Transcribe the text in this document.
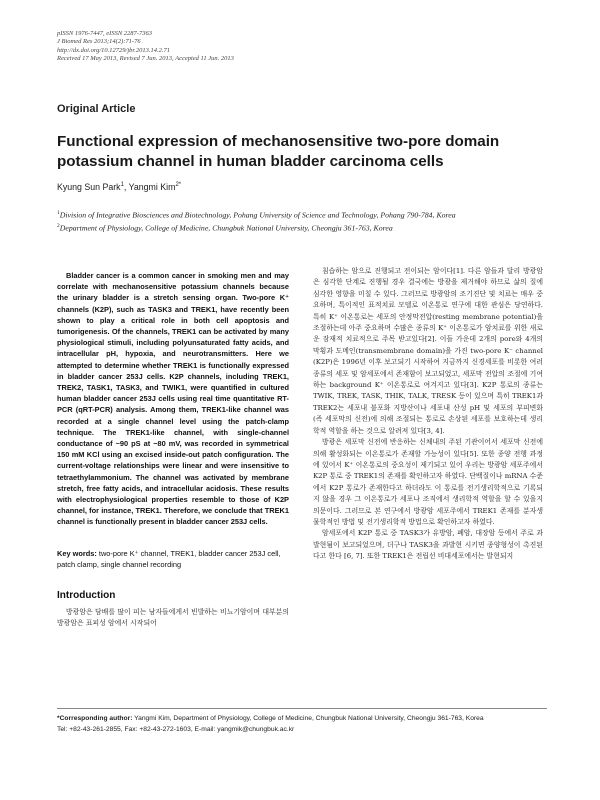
pISSN 1976-7447, eISSN 2287-7363
J Biomed Res 2013;14(2):71-76
http://dx.doi.org/10.12729/jbr.2013.14.2.71
Received 17 May 2013, Revised 7 Jun. 2013, Accepted 11 Jun. 2013
Original Article
Functional expression of mechanosensitive two-pore domain potassium channel in human bladder carcinoma cells
Kyung Sun Park$^1$, Yangmi Kim$^{2*}$
$^1$Division of Integrative Biosciences and Biotechnology, Pohang University of Science and Technology, Pohang 790-784, Korea
$^2$Department of Physiology, College of Medicine, Chungbuk National University, Cheongju 361-763, Korea

Bladder cancer is a common cancer in smoking men and may correlate with mechanosensitive potassium channels because the urinary bladder is a stretch sensing organ. Two-pore K⁺ channels (K2P), such as TASK3 and TREK1, have recently been shown to play a critical role in both cell apoptosis and tumorigenesis. Of the channels, TREK1 can be activated by many physiological stimuli, including polyunsaturated fatty acids, and intracellular pH, hypoxia, and neurotransmitters. Here we attempted to determine whether TREK1 is functionally expressed in bladder cancer 253J cells. K2P channels, including TREK1, TREK2, TASK1, TASK3, and TWIK1, were quantified in cultured human bladder cancer 253J cells using real time quantitative RT-PCR (qRT-PCR) analysis. Among them, TREK1-like channel was recorded at a single channel level using the patch-clamp technique. The TREK1-like channel, with single-channel conductance of ~90 pS at −80 mV, was recorded in symmetrical 150 mM KCl using an excised inside-out patch configuration. The current-voltage relationships were linear and were insensitive to tetraethylammonium. The channel was activated by membrane stretch, free fatty acids, and intracellular acidosis. These results with electrophysiological properties resemble to those of K2P channel, for instance, TREK1. Therefore, we conclude that TREK1 channel is functionally present in bladder cancer 253J cells.

Key words: two-pore K⁺ channel, TREK1, bladder cancer 253J cell, patch clamp, single channel recording
Introduction

방광암은 담배를 많이 피는 남자들에게서 빈발하는 비뇨기암이며 대부분의 방광암은 표피성 암에서 시작되어

침습하는 암으로 진행되고 전이되는 암이다[1]. 다른 암들과 달리 방광암은 심각한 단계로 진행될 경우 결국에는 방광을 제거해야 하므로 삶의 질에 심각한 영향을 미칠 수 있다. 그러므로 방광암의 조기진단 및 치료는 매우 중요하며, 특이적인 표적치료 모델로 이온통로 연구에 대한 관심은 당연하다. 특히 K⁺ 이온통로는 세포의 안정막전압(resting membrane potential)을 조절하는데 아주 중요하며 수많은 종류의 K⁺ 이온통로가 암치료를 위한 새로운 잠재적 치료적으로 주목 받고있다[2]. 이들 가운데 2개의 pore와 4개의 막횡과 도메인(transmembrane domain)을 가진 two-pore K⁻ channel (K2P)은 1996년 이후 보고되기 시작하여 지금까지 신경세포를 비롯한 여러 종류의 세포 및 암세포에서 존재함이 보고되었고, 세포막 전압의 조절에 기여하는 background K⁺ 이온통로로 여겨지고 있다[3]. K2P 통로의 종류는 TWIK, TREK, TASK, THIK, TALK, TRESK 등이 있으며 특히 TREK1과 TREK2는 세포내 불포화 지방산이나 세포내 산성 pH 및 세포의 부피변화(즉 세포막의 신전)에 의해 조절되는 통로로 손상된 세포를 보호하는데 생리학적 역할을 하는 것으로 알려져 있다[3, 4].

방광은 세포막 신전에 반응하는 신체내의 주된 기관이어서 세포막 신전에 의해 활성화되는 이온통로가 존재할 가능성이 있다[5]. 또한 종양 전행 과정에 있어서 K⁺ 이온통로의 중요성이 제기되고 있어 우리는 방광암 세포주에서 K2P 통로 중 TREK1의 존재를 확인하고자 하였다. 단백질이나 mRNA 수준에서 K2P 통로가 존재한다고 하더라도 이 통로를 전기생리학적으로 기록되지 않을 경우 그 이온통로가 세포나 조직에서 생리학적 역할을 할 수 있을지 의문이다. 그러므로 본 연구에서 방광암 세포주에서 TREK1 존재를 분자생물학적인 방법 및 전기생리학적 방법으로 확인하고자 하였다.

암세포에서 K2P 통로 중 TASK3가 유방암, 폐암, 대장암 등에서 주로 과발현됨이 보고되었으며, 더구나 TASK3을 과발현 시키면 종양형성이 촉진된다고 한다 [6, 7]. 또한 TREK1은 전립선 비대세포에서는 발현되지

*Corresponding author: Yangmi Kim, Department of Physiology, College of Medicine, Chungbuk National University, Cheongju 361-763, Korea
Tel: +82-43-261-2855, Fax: +82-43-272-1603, E-mail: yangmik@chungbuk.ac.kr
